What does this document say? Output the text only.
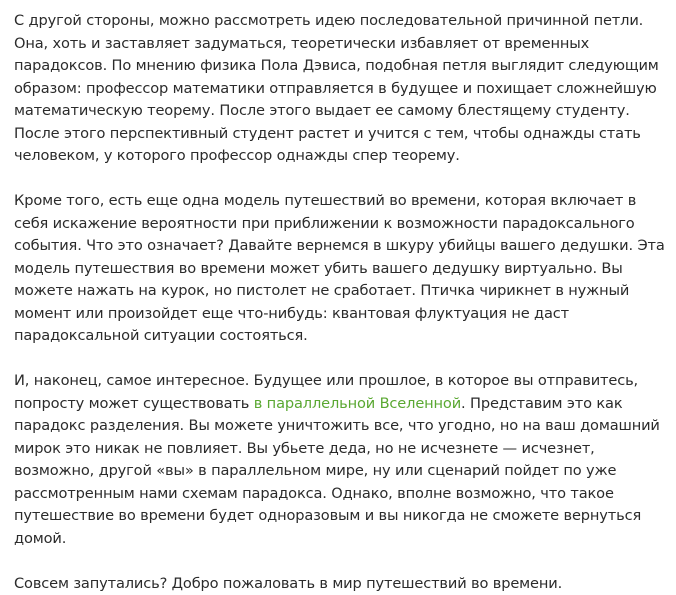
С другой стороны, можно рассмотреть идею последовательной причинной петли. Она, хоть и заставляет задуматься, теоретически избавляет от временных парадоксов. По мнению физика Пола Дэвиса, подобная петля выглядит следующим образом: профессор математики отправляется в будущее и похищает сложнейшую математическую теорему. После этого выдает ее самому блестящему студенту. После этого перспективный студент растет и учится с тем, чтобы однажды стать человеком, у которого профессор однажды спер теорему.

Кроме того, есть еще одна модель путешествий во времени, которая включает в себя искажение вероятности при приближении к возможности парадоксального события. Что это означает? Давайте вернемся в шкуру убийцы вашего дедушки. Эта модель путешествия во времени может убить вашего дедушку виртуально. Вы можете нажать на курок, но пистолет не сработает. Птичка чирикнет в нужный момент или произойдет еще что-нибудь: квантовая флуктуация не даст парадоксальной ситуации состояться.

И, наконец, самое интересное. Будущее или прошлое, в которое вы отправитесь, попросту может существовать в параллельной Вселенной. Представим это как парадокс разделения. Вы можете уничтожить все, что угодно, но на ваш домашний мирок это никак не повлияет. Вы убьете деда, но не исчезнете — исчезнет, возможно, другой «вы» в параллельном мире, ну или сценарий пойдет по уже рассмотренным нами схемам парадокса. Однако, вполне возможно, что такое путешествие во времени будет одноразовым и вы никогда не сможете вернуться домой.

Совсем запутались? Добро пожаловать в мир путешествий во времени.
